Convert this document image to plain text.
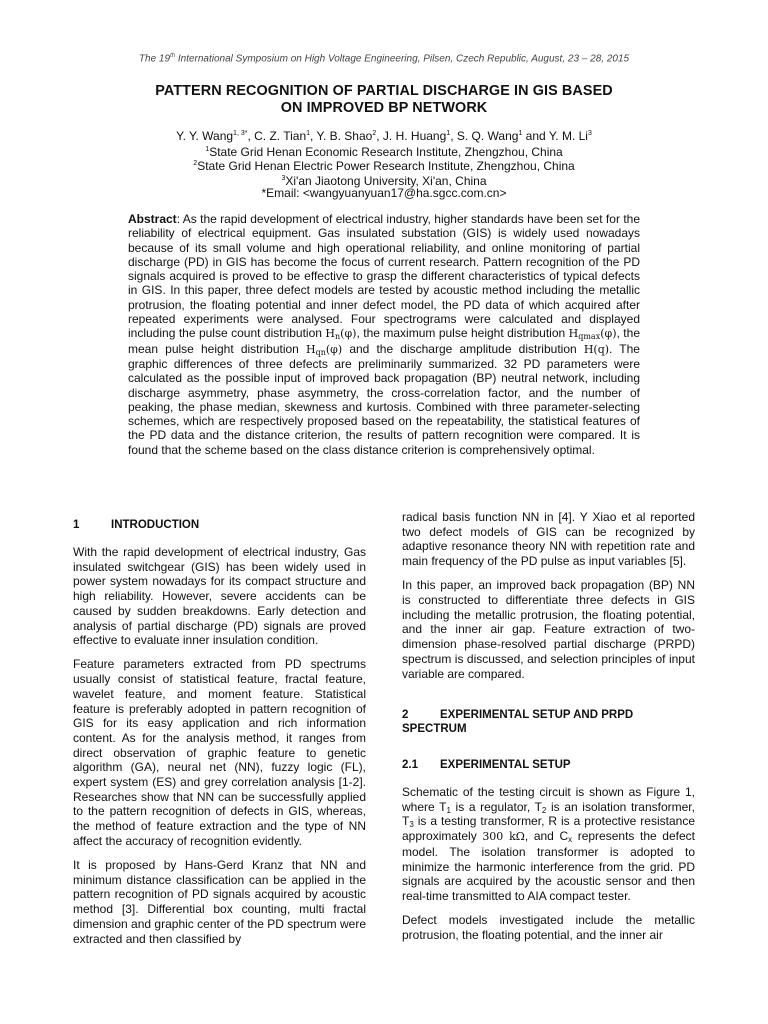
The 19th International Symposium on High Voltage Engineering, Pilsen, Czech Republic, August, 23 – 28, 2015
PATTERN RECOGNITION OF PARTIAL DISCHARGE IN GIS BASED
ON IMPROVED BP NETWORK
Y. Y. Wang$^{1, 3*}$, C. Z. Tian$^1$, Y. B. Shao$^2$, J. H. Huang$^1$, S. Q. Wang$^1$ and Y. M. Li$^3$
$^1$State Grid Henan Economic Research Institute, Zhengzhou, China
$^2$State Grid Henan Electric Power Research Institute, Zhengzhou, China
$^3$Xi'an Jiaotong University, Xi'an, China
*Email: <wangyuanyuan17@ha.sgcc.com.cn>
Abstract: As the rapid development of electrical industry, higher standards have been set for the reliability of electrical equipment. Gas insulated substation (GIS) is widely used nowadays because of its small volume and high operational reliability, and online monitoring of partial discharge (PD) in GIS has become the focus of current research. Pattern recognition of the PD signals acquired is proved to be effective to grasp the different characteristics of typical defects in GIS. In this paper, three defect models are tested by acoustic method including the metallic protrusion, the floating potential and inner defect model, the PD data of which acquired after repeated experiments were analysed. Four spectrograms were calculated and displayed including the pulse count distribution $H_n(\varphi)$, the maximum pulse height distribution $H_{qmax}(\varphi)$, the mean pulse height distribution $H_{qn}(\varphi)$ and the discharge amplitude distribution H(q). The graphic differences of three defects are preliminarily summarized. 32 PD parameters were calculated as the possible input of improved back propagation (BP) neutral network, including discharge asymmetry, phase asymmetry, the cross-correlation factor, and the number of peaking, the phase median, skewness and kurtosis. Combined with three parameter-selecting schemes, which are respectively proposed based on the repeatability, the statistical features of the PD data and the distance criterion, the results of pattern recognition were compared. It is found that the scheme based on the class distance criterion is comprehensively optimal.
1	INTRODUCTION

With the rapid development of electrical industry, Gas insulated switchgear (GIS) has been widely used in power system nowadays for its compact structure and high reliability. However, severe accidents can be caused by sudden breakdowns. Early detection and analysis of partial discharge (PD) signals are proved effective to evaluate inner insulation condition.

Feature parameters extracted from PD spectrums usually consist of statistical feature, fractal feature, wavelet feature, and moment feature. Statistical feature is preferably adopted in pattern recognition of GIS for its easy application and rich information content. As for the analysis method, it ranges from direct observation of graphic feature to genetic algorithm (GA), neural net (NN), fuzzy logic (FL), expert system (ES) and grey correlation analysis [1-2]. Researches show that NN can be successfully applied to the pattern recognition of defects in GIS, whereas, the method of feature extraction and the type of NN affect the accuracy of recognition evidently.

It is proposed by Hans-Gerd Kranz that NN and minimum distance classification can be applied in the pattern recognition of PD signals acquired by acoustic method [3]. Differential box counting, multi fractal dimension and graphic center of the PD spectrum were extracted and then classified by

radical basis function NN in [4]. Y Xiao et al reported two defect models of GIS can be recognized by adaptive resonance theory NN with repetition rate and main frequency of the PD pulse as input variables [5].

In this paper, an improved back propagation (BP) NN is constructed to differentiate three defects in GIS including the metallic protrusion, the floating potential, and the inner air gap. Feature extraction of two-dimension phase-resolved partial discharge (PRPD) spectrum is discussed, and selection principles of input variable are compared.

2	EXPERIMENTAL SETUP AND PRPD
SPECTRUM
2.1 EXPERIMENTAL SETUP

Schematic of the testing circuit is shown as Figure 1, where $T_1$ is a regulator, $T_2$ is an isolation transformer, $T_3$ is a testing transformer, R is a protective resistance approximately 300 kΩ, and $C_x$ represents the defect model. The isolation transformer is adopted to minimize the harmonic interference from the grid. PD signals are acquired by the acoustic sensor and then real-time transmitted to AIA compact tester.

Defect models investigated include the metallic protrusion, the floating potential, and the inner air
